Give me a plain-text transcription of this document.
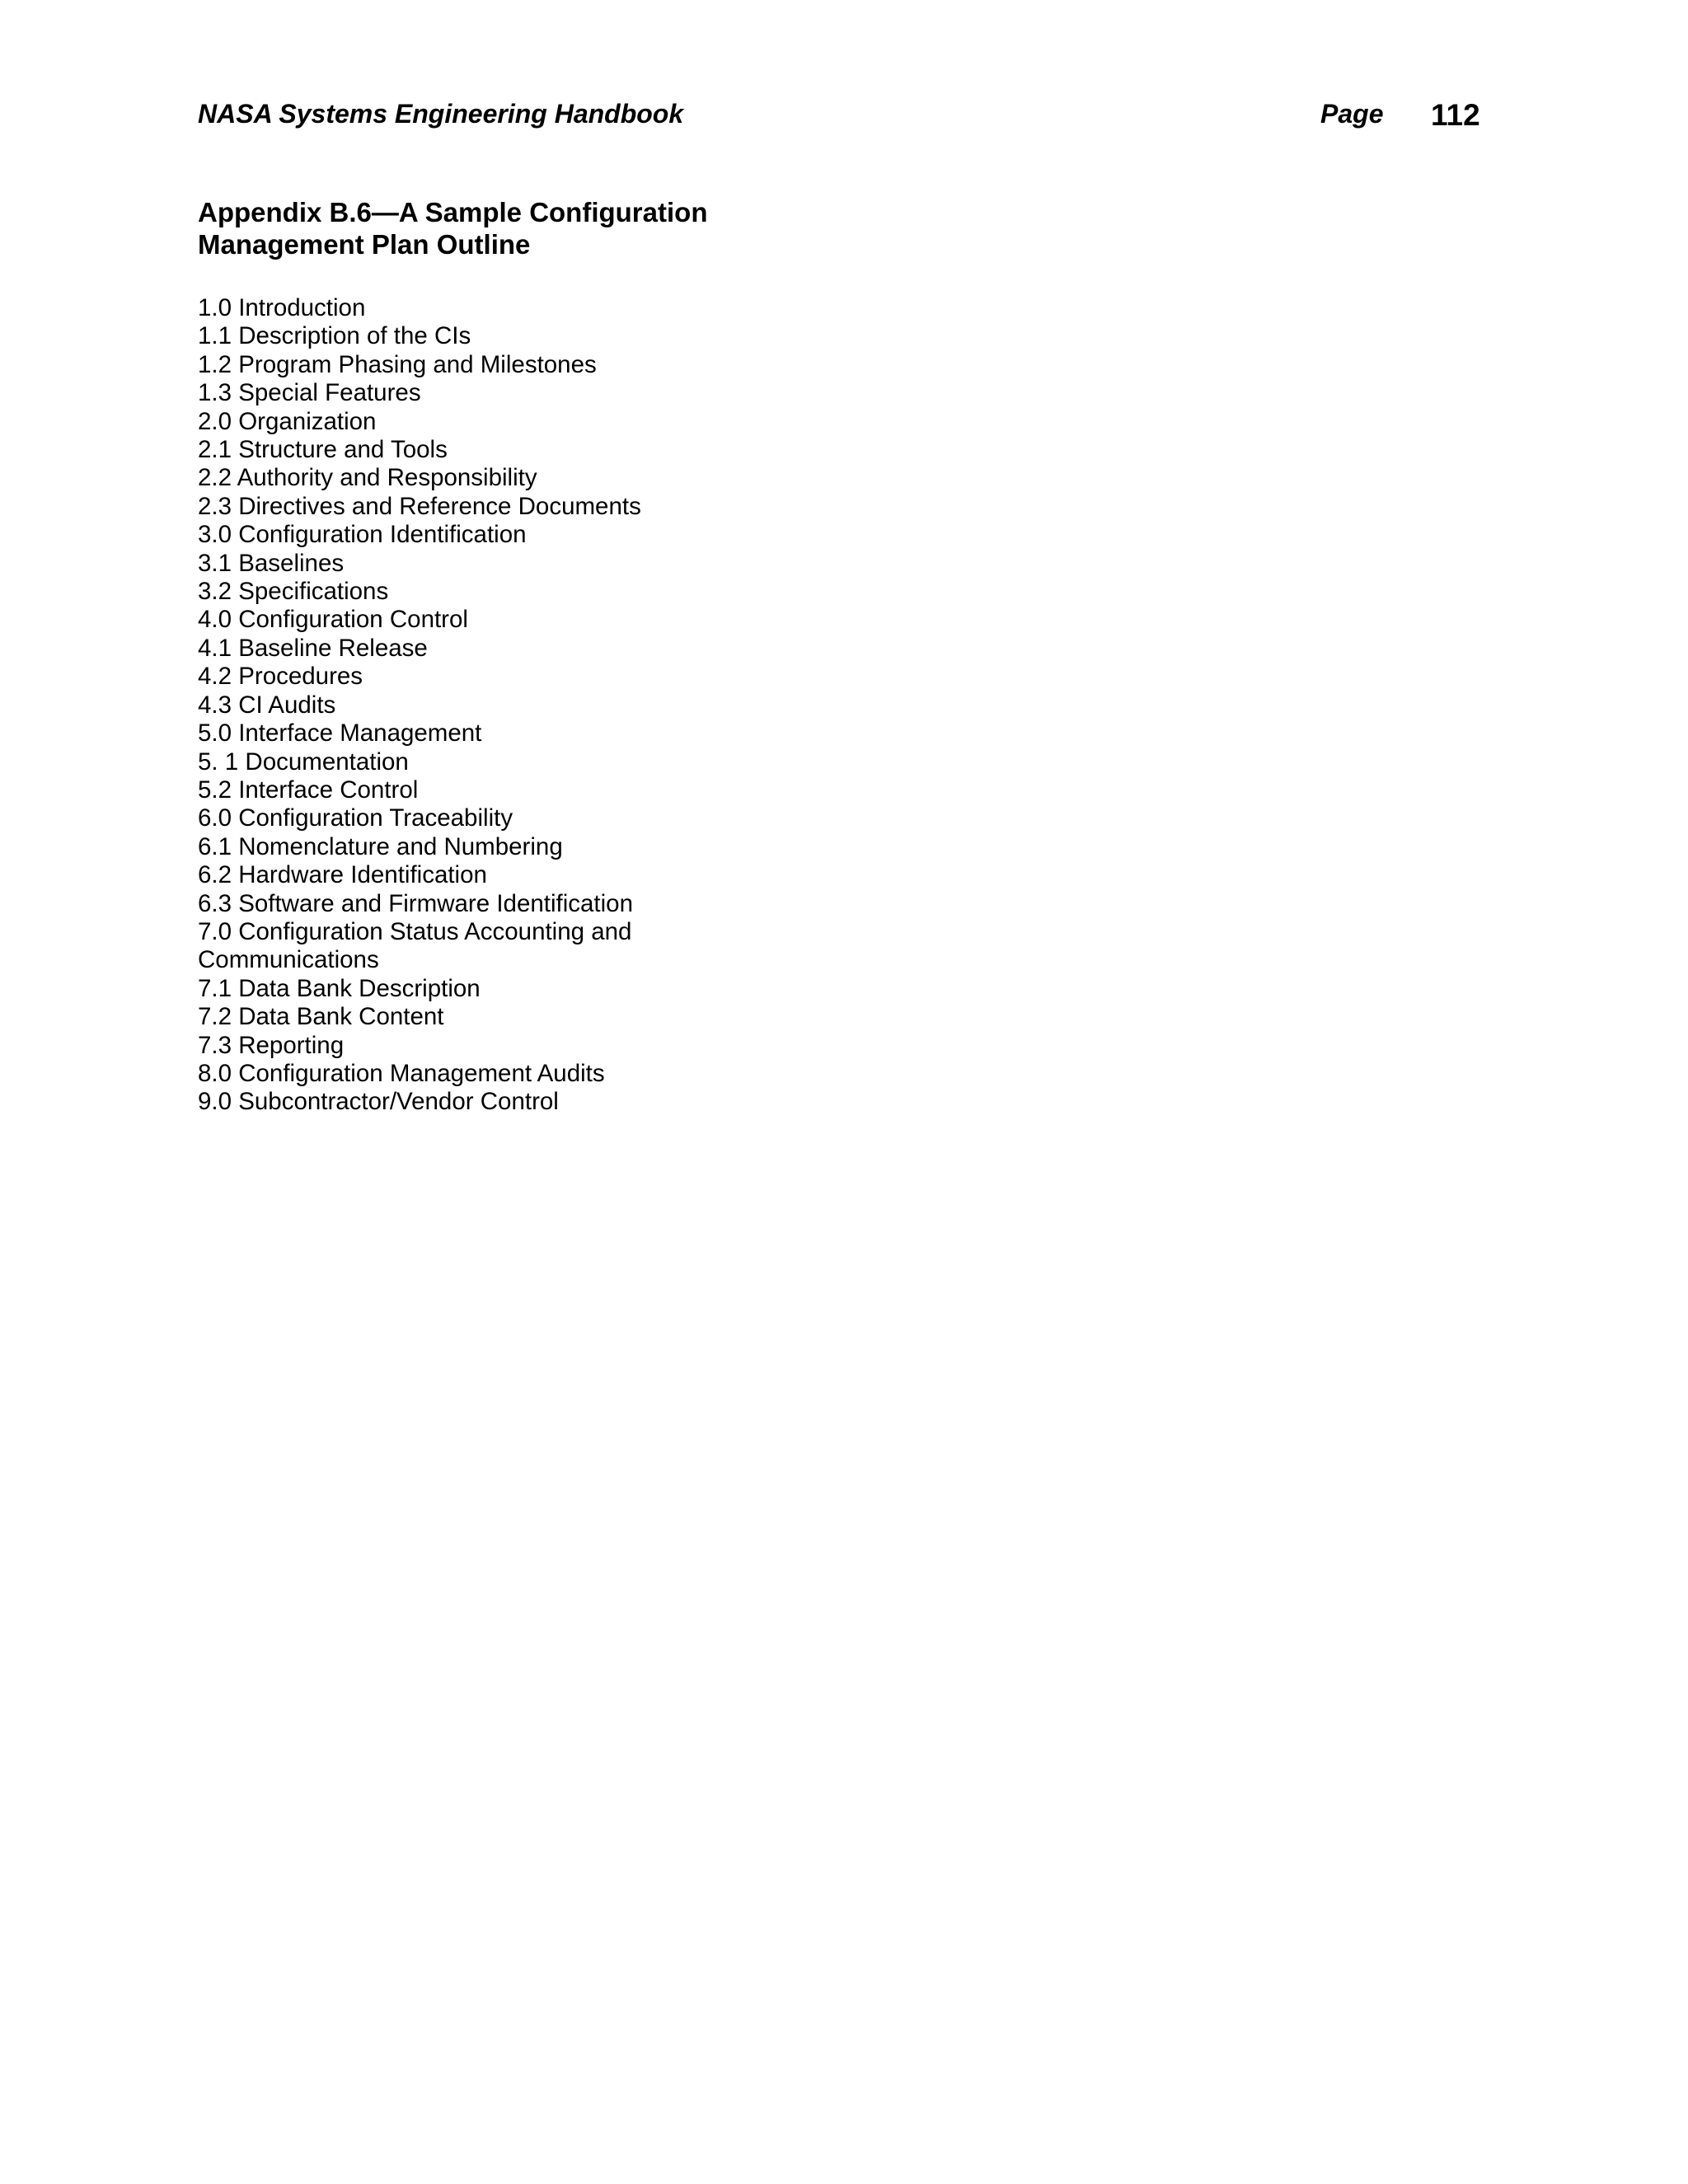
NASA Systems Engineering Handbook	Page 112
Appendix B.6—A Sample Configuration
Management Plan Outline
1.0 Introduction
1.1 Description of the CIs
1.2 Program Phasing and Milestones
1.3 Special Features
2.0 Organization
2.1 Structure and Tools
2.2 Authority and Responsibility
2.3 Directives and Reference Documents
3.0 Configuration Identification
3.1 Baselines
3.2 Specifications
4.0 Configuration Control
4.1 Baseline Release
4.2 Procedures
4.3 CI Audits
5.0 Interface Management
5. 1 Documentation
5.2 Interface Control
6.0 Configuration Traceability
6.1 Nomenclature and Numbering
6.2 Hardware Identification
6.3 Software and Firmware Identification
7.0 Configuration Status Accounting and
Communications
7.1 Data Bank Description
7.2 Data Bank Content
7.3 Reporting
8.0 Configuration Management Audits
9.0 Subcontractor/Vendor Control
